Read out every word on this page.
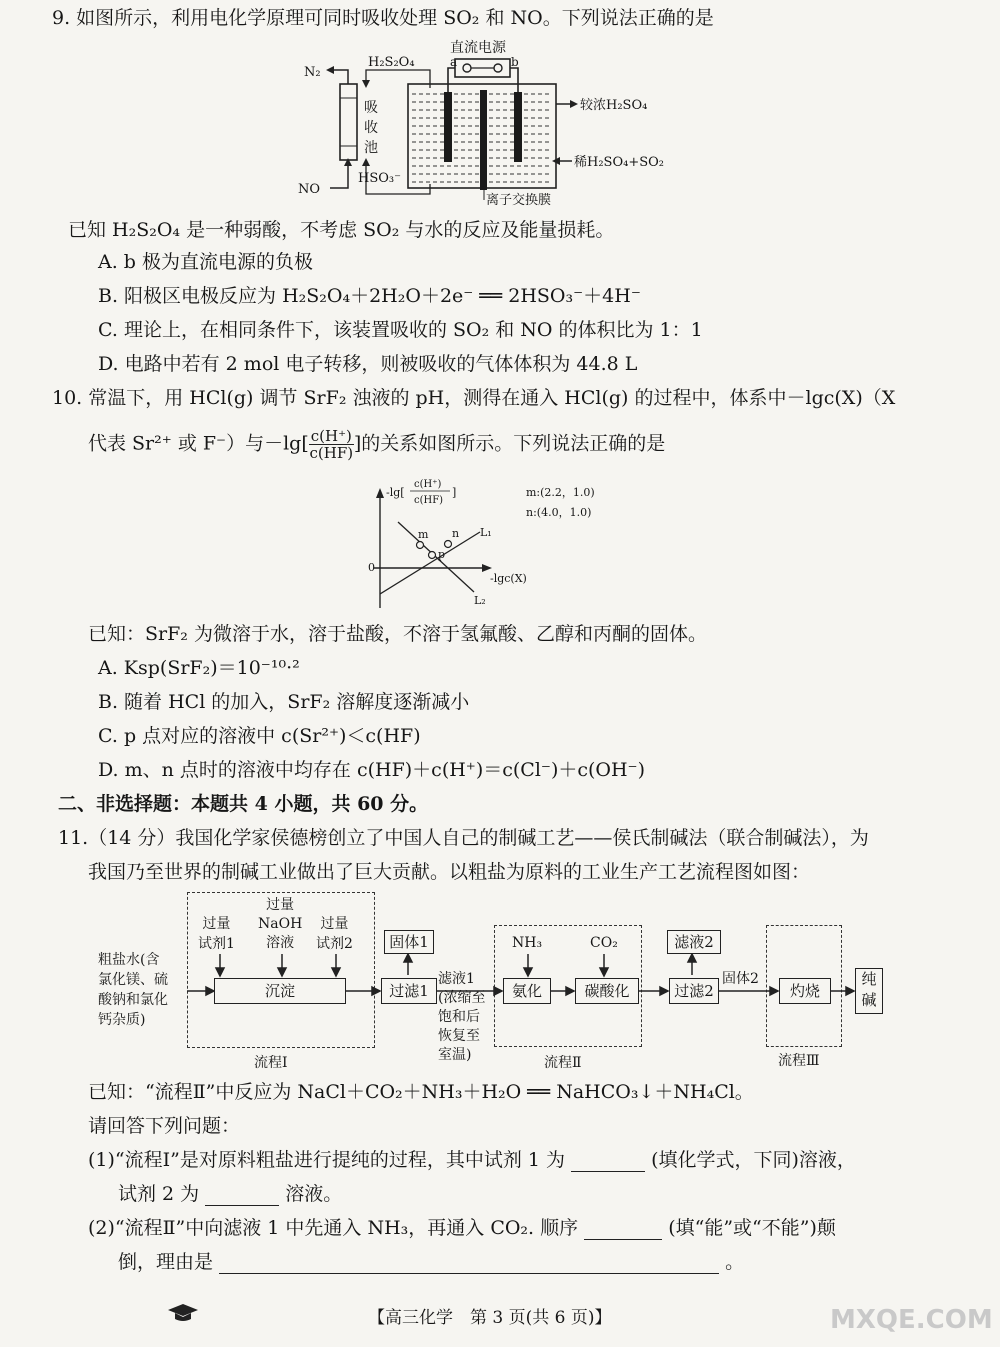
9. 如图所示，利用电化学原理可同时吸收处理 SO₂ 和 NO。下列说法正确的是
直流电源
a	b
H₂S₂O₄
N₂
吸
收
池
HSO₃⁻
NO
较浓H₂SO₄
稀H₂SO₄+SO₂
离子交换膜
已知 H₂S₂O₄ 是一种弱酸，不考虑 SO₂ 与水的反应及能量损耗。
A. b 极为直流电源的负极
B. 阳极区电极反应为 H₂S₂O₄＋2H₂O＋2e⁻ ══ 2HSO₃⁻＋4H⁻
C. 理论上，在相同条件下，该装置吸收的 SO₂ 和 NO 的体积比为 1：1
D. 电路中若有 2 mol 电子转移，则被吸收的气体体积为 44.8 L
10. 常温下，用 HCl(g) 调节 SrF₂ 浊液的 pH，测得在通入 HCl(g) 的过程中，体系中－lgc(X)（X
代表 Sr²⁺ 或 F⁻）与$-\lg[ \frac{c(H^+)}{c(HF)}$ ]的关系如图所示。下列说法正确的是
-lg[
c(H⁺)
c(HF)
]
-lgc(X)
0
m n
p
L₁
L₂
m:(2.2，1.0)
n:(4.0，1.0)
已知：SrF₂ 为微溶于水，溶于盐酸，不溶于氢氟酸、乙醇和丙酮的固体。
A. Ksp(SrF₂)＝10⁻¹⁰·²
B. 随着 HCl 的加入，SrF₂ 溶解度逐渐减小
C. p 点对应的溶液中 c(Sr²⁺)＜c(HF)
D. m、n 点时的溶液中均存在 c(HF)＋c(H⁺)＝c(Cl⁻)＋c(OH⁻)
二、非选择题：本题共 4 小题，共 60 分。
11.（14 分）我国化学家侯德榜创立了中国人自己的制碱工艺——侯氏制碱法（联合制碱法），为
我国乃至世界的制碱工业做出了巨大贡献。以粗盐为原料的工业生产工艺流程图如图：
粗盐水(含
氯化镁、硫
酸钠和氯化
钙杂质)
过量
试剂1
过量
NaOH
溶液
过量
试剂2
沉淀
固体1
过滤1
滤液1
(浓缩至
饱和后
恢复至
室温)
NH₃	CO₂
氨化	碳酸化
滤液2
过滤2
固体2
灼烧
纯
碱
流程Ⅰ	流程Ⅱ	流程Ⅲ
已知：“流程Ⅱ”中反应为 NaCl＋CO₂＋NH₃＋H₂O ══ NaHCO₃↓＋NH₄Cl。
请回答下列问题：
(1)“流程Ⅰ”是对原料粗盐进行提纯的过程，其中试剂 1 为	(填化学式，下同)溶液，
试剂 2 为	溶液。
(2)“流程Ⅱ”中向滤液 1 中先通入 NH₃，再通入 CO₂. 顺序	(填“能”或“不能”)颠
倒，理由是	。
【高三化学　第 3 页(共 6 页)】	MXQE.COM
